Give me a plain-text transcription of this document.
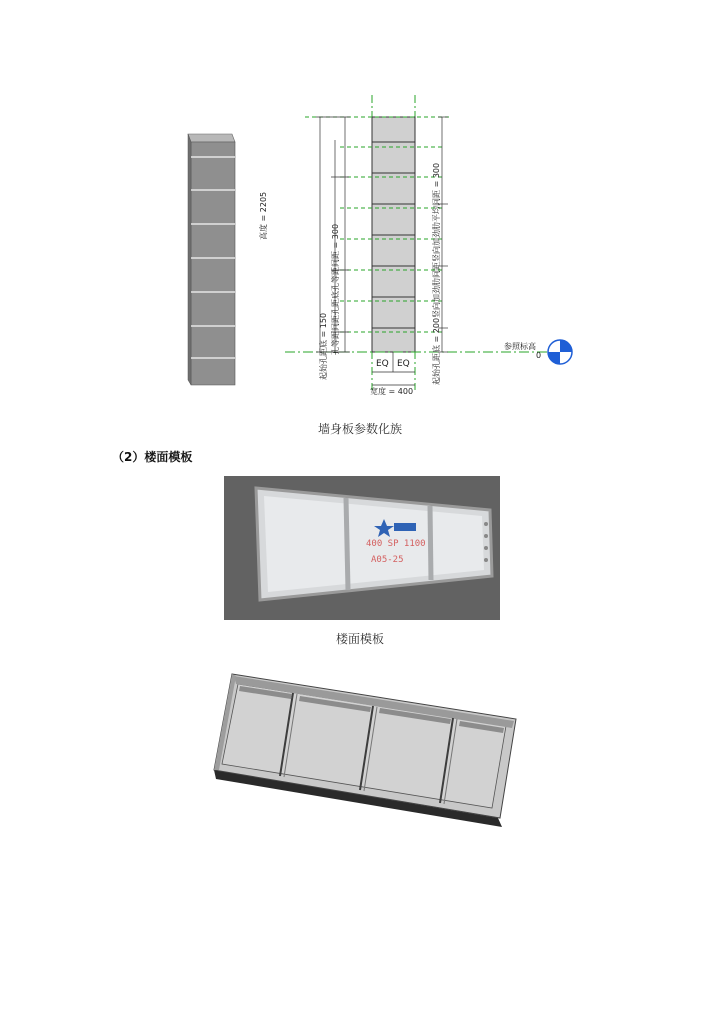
高度 = 2205
起始孔距底 = 150 孔等距间距孔距底孔等距间距 = 300	起始孔距底 = 200竖向加劲肋间距竖向加劲肋平均间距 = 300
EQ EQ
宽度 = 400
参照标高
0
墙身板参数化族
（2）楼面模板
400 SP 1100
A05-25
楼面模板
